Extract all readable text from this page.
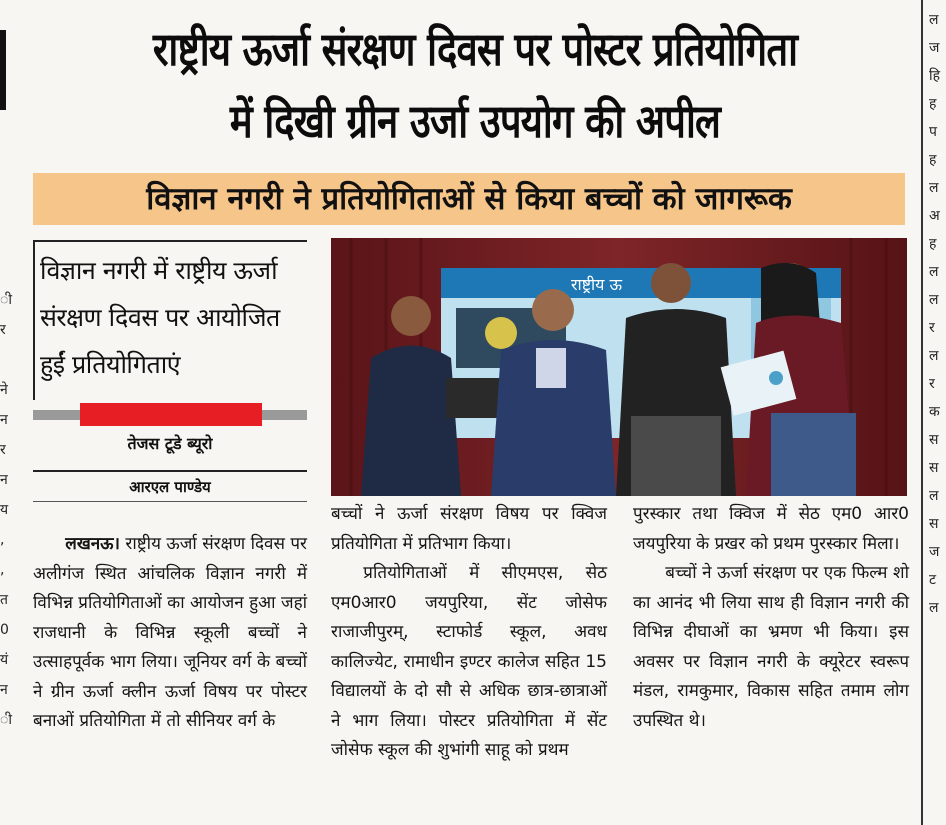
ी
र
ने
न
र
न
य
,
,
त
0
यं
न
ी
ल
ज
हि
ह
प
ह
ल
अ
ह
ल
ल
र
ल
र
क
स
स
ल
स
ज
ट
ल
राष्ट्रीय ऊर्जा संरक्षण दिवस पर पोस्टर प्रतियोगिता
में दिखी ग्रीन उर्जा उपयोग की अपील
विज्ञान नगरी ने प्रतियोगिताओं से किया बच्चों को जागरूक
विज्ञान नगरी में राष्ट्रीय ऊर्जा संरक्षण दिवस पर आयोजित हुईं प्रतियोगिताएं
तेजस टूडे ब्यूरो
आरएल पाण्डेय
राष्ट्रीय ऊ

लखनऊ। राष्ट्रीय ऊर्जा संरक्षण दिवस पर अलीगंज स्थित आंचलिक विज्ञान नगरी में विभिन्न प्रतियोगिताओं का आयोजन हुआ जहां राजधानी के विभिन्न स्कूली बच्चों ने उत्साहपूर्वक भाग लिया। जूनियर वर्ग के बच्चों ने ग्रीन ऊर्जा क्लीन ऊर्जा विषय पर पोस्टर बनाओं प्रतियोगिता में तो सीनियर वर्ग के

बच्चों ने ऊर्जा संरक्षण विषय पर क्विज प्रतियोगिता में प्रतिभाग किया।

प्रतियोगिताओं में सीएमएस, सेठ एम0आर0 जयपुरिया, सेंट जोसेफ राजाजीपुरम्, स्टाफोर्ड स्कूल, अवध कालिज्येट, रामाधीन इण्टर कालेज सहित 15 विद्यालयों के दो सौ से अधिक छात्र-छात्राओं ने भाग लिया। पोस्टर प्रतियोगिता में सेंट जोसेफ स्कूल की शुभांगी साहू को प्रथम

पुरस्कार तथा क्विज में सेठ एम0 आर0 जयपुरिया के प्रखर को प्रथम पुरस्कार मिला।

बच्चों ने ऊर्जा संरक्षण पर एक फिल्म शो का आनंद भी लिया साथ ही विज्ञान नगरी की विभिन्न दीघाओं का भ्रमण भी किया। इस अवसर पर विज्ञान नगरी के क्यूरेटर स्वरूप मंडल, रामकुमार, विकास सहित तमाम लोग उपस्थित थे।
